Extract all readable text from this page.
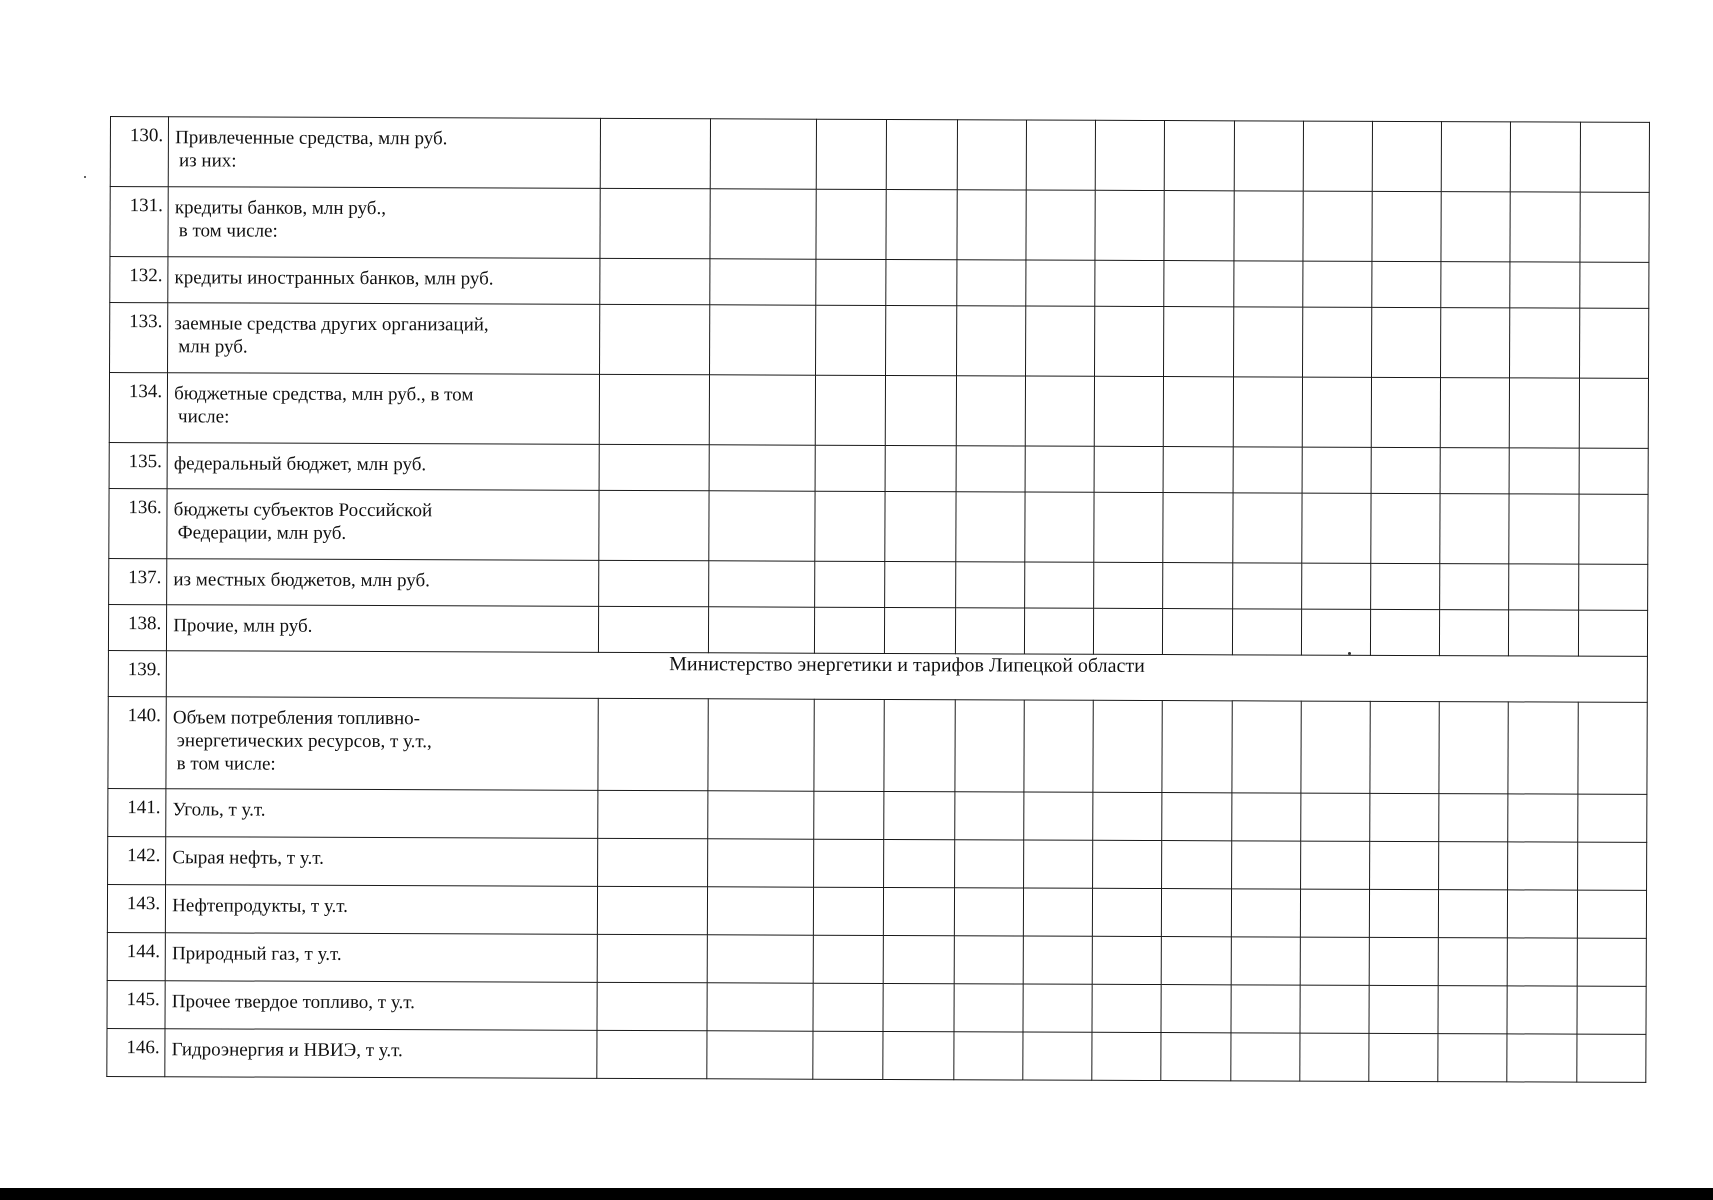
130.	Привлеченные средства, млн руб.
из них:														

131.	кредиты банков, млн руб.,
в том числе:														

132.	кредиты иностранных банков, млн руб.														

133.	заемные средства других организаций,
млн руб.														

134.	бюджетные средства, млн руб., в том
числе:														

135.	федеральный бюджет, млн руб.														

136.	бюджеты субъектов Российской
Федерации, млн руб.														

137.	из местных бюджетов, млн руб.														

138.	Прочие, млн руб.														

139.	Министерство энергетики и тарифов Липецкой области														
140.	Объем потребления топливно-
энергетических ресурсов, т у.т.,
в том числе:														

141.	Уголь, т у.т.														

142.	Сырая нефть, т у.т.														

143.	Нефтепродукты, т у.т.														

144.	Природный газ, т у.т.														

145.	Прочее твердое топливо, т у.т.														

146.	Гидроэнергия и НВИЭ, т у.т.														
